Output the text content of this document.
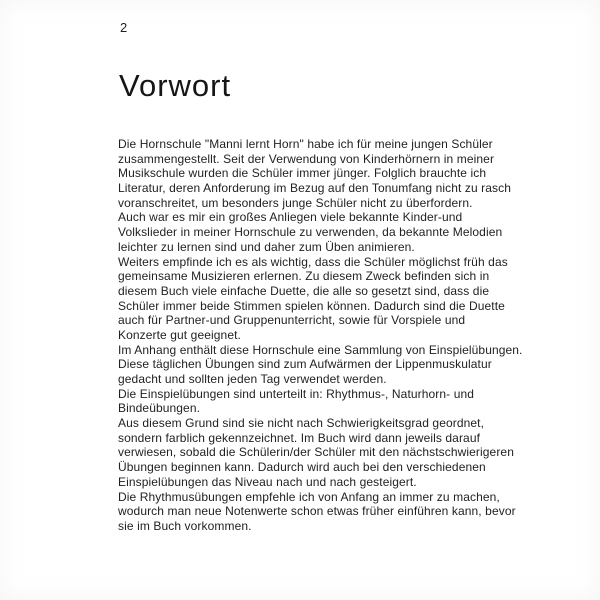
2
Vorwort
Die Hornschule "Manni lernt Horn" habe ich für meine jungen Schüler
zusammengestellt. Seit der Verwendung von Kinderhörnern in meiner
Musikschule wurden die Schüler immer jünger. Folglich brauchte ich
Literatur, deren Anforderung im Bezug auf den Tonumfang nicht zu rasch
voranschreitet, um besonders junge Schüler nicht zu überfordern.
Auch war es mir ein großes Anliegen viele bekannte Kinder-und
Volkslieder in meiner Hornschule zu verwenden, da bekannte Melodien
leichter zu lernen sind und daher zum Üben animieren.
Weiters empfinde ich es als wichtig, dass die Schüler möglichst früh das
gemeinsame Musizieren erlernen. Zu diesem Zweck befinden sich in
diesem Buch viele einfache Duette, die alle so gesetzt sind, dass die
Schüler immer beide Stimmen spielen können. Dadurch sind die Duette
auch für Partner-und Gruppenunterricht, sowie für Vorspiele und
Konzerte gut geeignet.
Im Anhang enthält diese Hornschule eine Sammlung von Einspielübungen.
Diese täglichen Übungen sind zum Aufwärmen der Lippenmuskulatur
gedacht und sollten jeden Tag verwendet werden.
Die Einspielübungen sind unterteilt in: Rhythmus-, Naturhorn- und
Bindeübungen.
Aus diesem Grund sind sie nicht nach Schwierigkeitsgrad geordnet,
sondern farblich gekennzeichnet. Im Buch wird dann jeweils darauf
verwiesen, sobald die Schülerin/der Schüler mit den nächstschwierigeren
Übungen beginnen kann. Dadurch wird auch bei den verschiedenen
Einspielübungen das Niveau nach und nach gesteigert.
Die Rhythmusübungen empfehle ich von Anfang an immer zu machen,
wodurch man neue Notenwerte schon etwas früher einführen kann, bevor
sie im Buch vorkommen.
